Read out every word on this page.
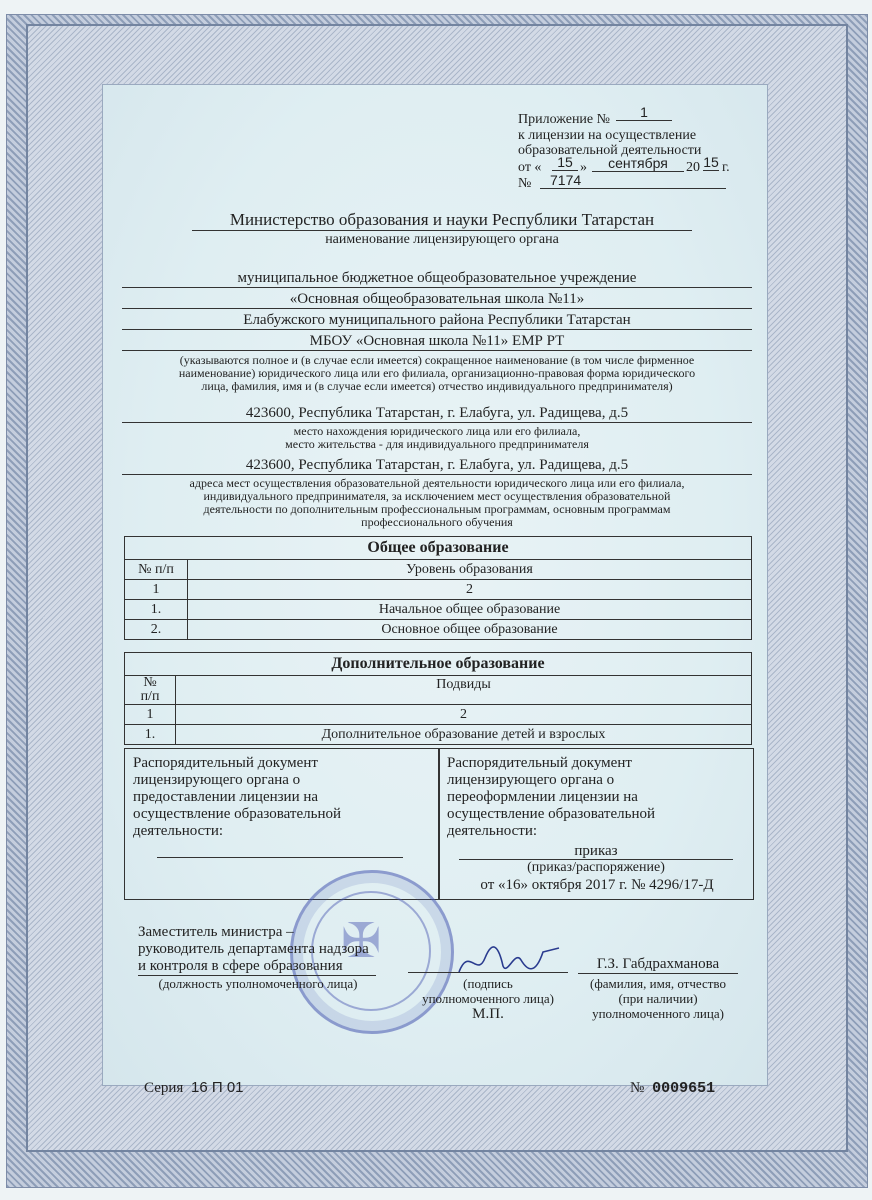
Приложение №	1
к лицензии на осуществление
образовательной деятельности
от «	15 »	сентября	20 15 г.
№	7174
Министерство образования и науки Республики Татарстан
наименование лицензирующего органа
муниципальное бюджетное общеобразовательное учреждение
«Основная общеобразовательная школа №11»
Елабужского муниципального района Республики Татарстан
МБОУ «Основная школа №11» ЕМР РТ
(указываются полное и (в случае если имеется) сокращенное наименование (в том числе фирменное
наименование) юридического лица или его филиала, организационно-правовая форма юридического
лица, фамилия, имя и (в случае если имеется) отчество индивидуального предпринимателя)
423600, Республика Татарстан, г. Елабуга, ул. Радищева, д.5
место нахождения юридического лица или его филиала,
место жительства - для индивидуального предпринимателя
423600, Республика Татарстан, г. Елабуга, ул. Радищева, д.5
адреса мест осуществления образовательной деятельности юридического лица или его филиала,
индивидуального предпринимателя, за исключением мест осуществления образовательной
деятельности по дополнительным профессиональным программам, основным программам
профессионального обучения
Общее образование	
№ п/п	Уровень образования
1	2
1.	Начальное общее образование
2.	Основное общее образование
Дополнительное образование	

№
п/п	Подвиды
1	2
1.	Дополнительное образование детей и взрослых
Распорядительный документ
лицензирующего органа о
предоставлении лицензии на
осуществление образовательной
деятельности:
Распорядительный документ
лицензирующего органа о
переоформлении лицензии на
осуществление образовательной
деятельности:
приказ
(приказ/распоряжение)
от «16» октября 2017 г. № 4296/17-Д
✠
Заместитель министра –
руководитель департамента надзора
и контроля в сфере образования
(должность уполномоченного лица)	(подпись
уполномоченного лица)
М.П.
Г.З. Габдрахманова
(фамилия, имя, отчество
(при наличии)
уполномоченного лица)
Серия 16 П 01	№ 0009651
